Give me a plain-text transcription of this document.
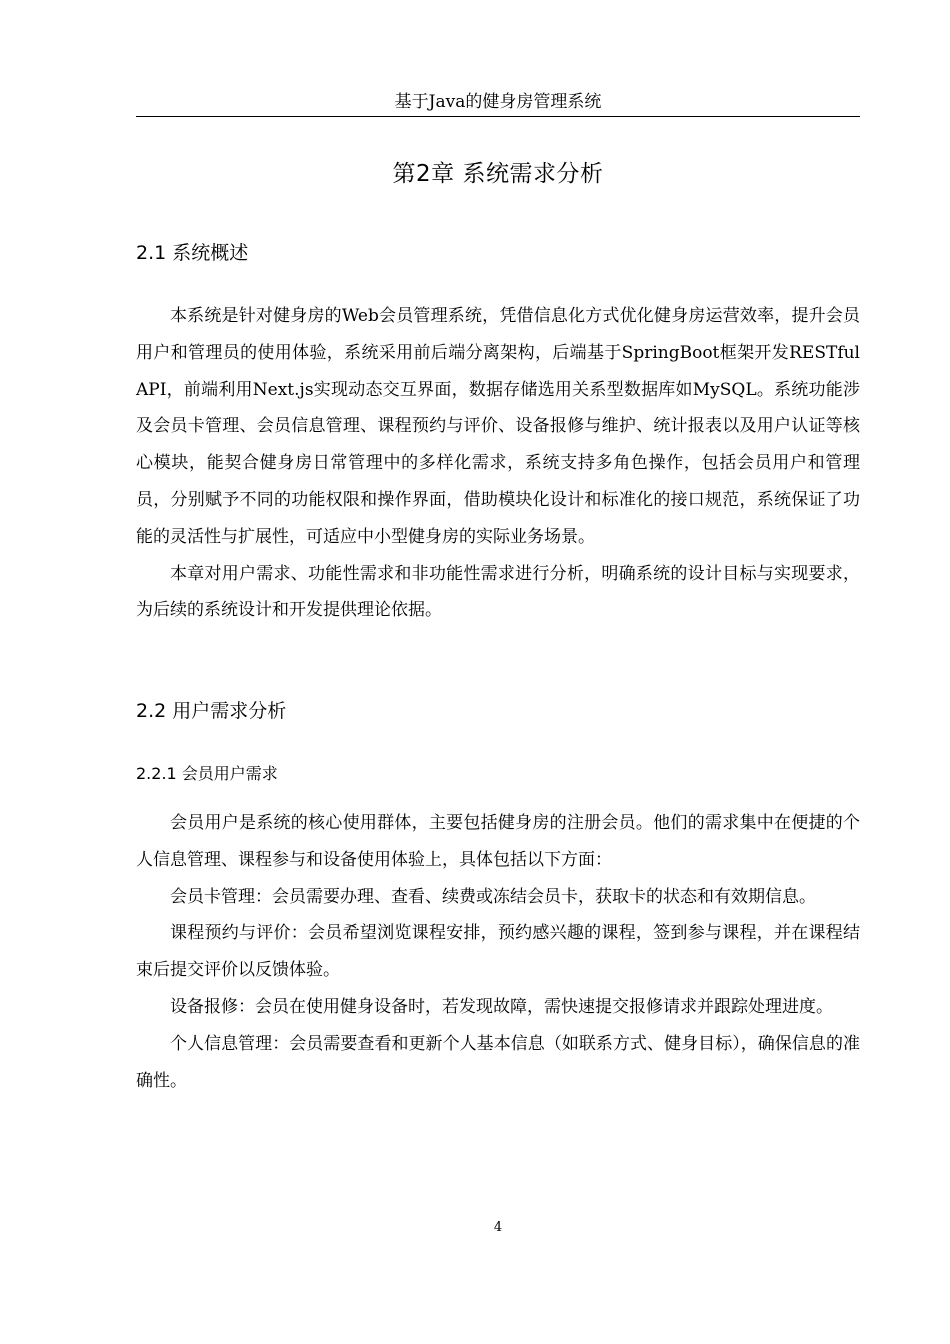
基于Java的健身房管理系统
第2章 系统需求分析
2.1 系统概述

本系统是针对健身房的Web会员管理系统，凭借信息化方式优化健身房运营效率，提升会员用户和管理员的使用体验，系统采用前后端分离架构，后端基于SpringBoot框架开发RESTful API，前端利用Next.js实现动态交互界面，数据存储选用关系型数据库如MySQL。系统功能涉及会员卡管理、会员信息管理、课程预约与评价、设备报修与维护、统计报表以及用户认证等核心模块，能契合健身房日常管理中的多样化需求，系统支持多角色操作，包括会员用户和管理员，分别赋予不同的功能权限和操作界面，借助模块化设计和标准化的接口规范，系统保证了功能的灵活性与扩展性，可适应中小型健身房的实际业务场景。

本章对用户需求、功能性需求和非功能性需求进行分析，明确系统的设计目标与实现要求，为后续的系统设计和开发提供理论依据。

2.2 用户需求分析
2.2.1 会员用户需求

会员用户是系统的核心使用群体，主要包括健身房的注册会员。他们的需求集中在便捷的个人信息管理、课程参与和设备使用体验上，具体包括以下方面：

会员卡管理：会员需要办理、查看、续费或冻结会员卡，获取卡的状态和有效期信息。

课程预约与评价：会员希望浏览课程安排，预约感兴趣的课程，签到参与课程，并在课程结束后提交评价以反馈体验。

设备报修：会员在使用健身设备时，若发现故障，需快速提交报修请求并跟踪处理进度。

个人信息管理：会员需要查看和更新个人基本信息（如联系方式、健身目标），确保信息的准确性。

4
